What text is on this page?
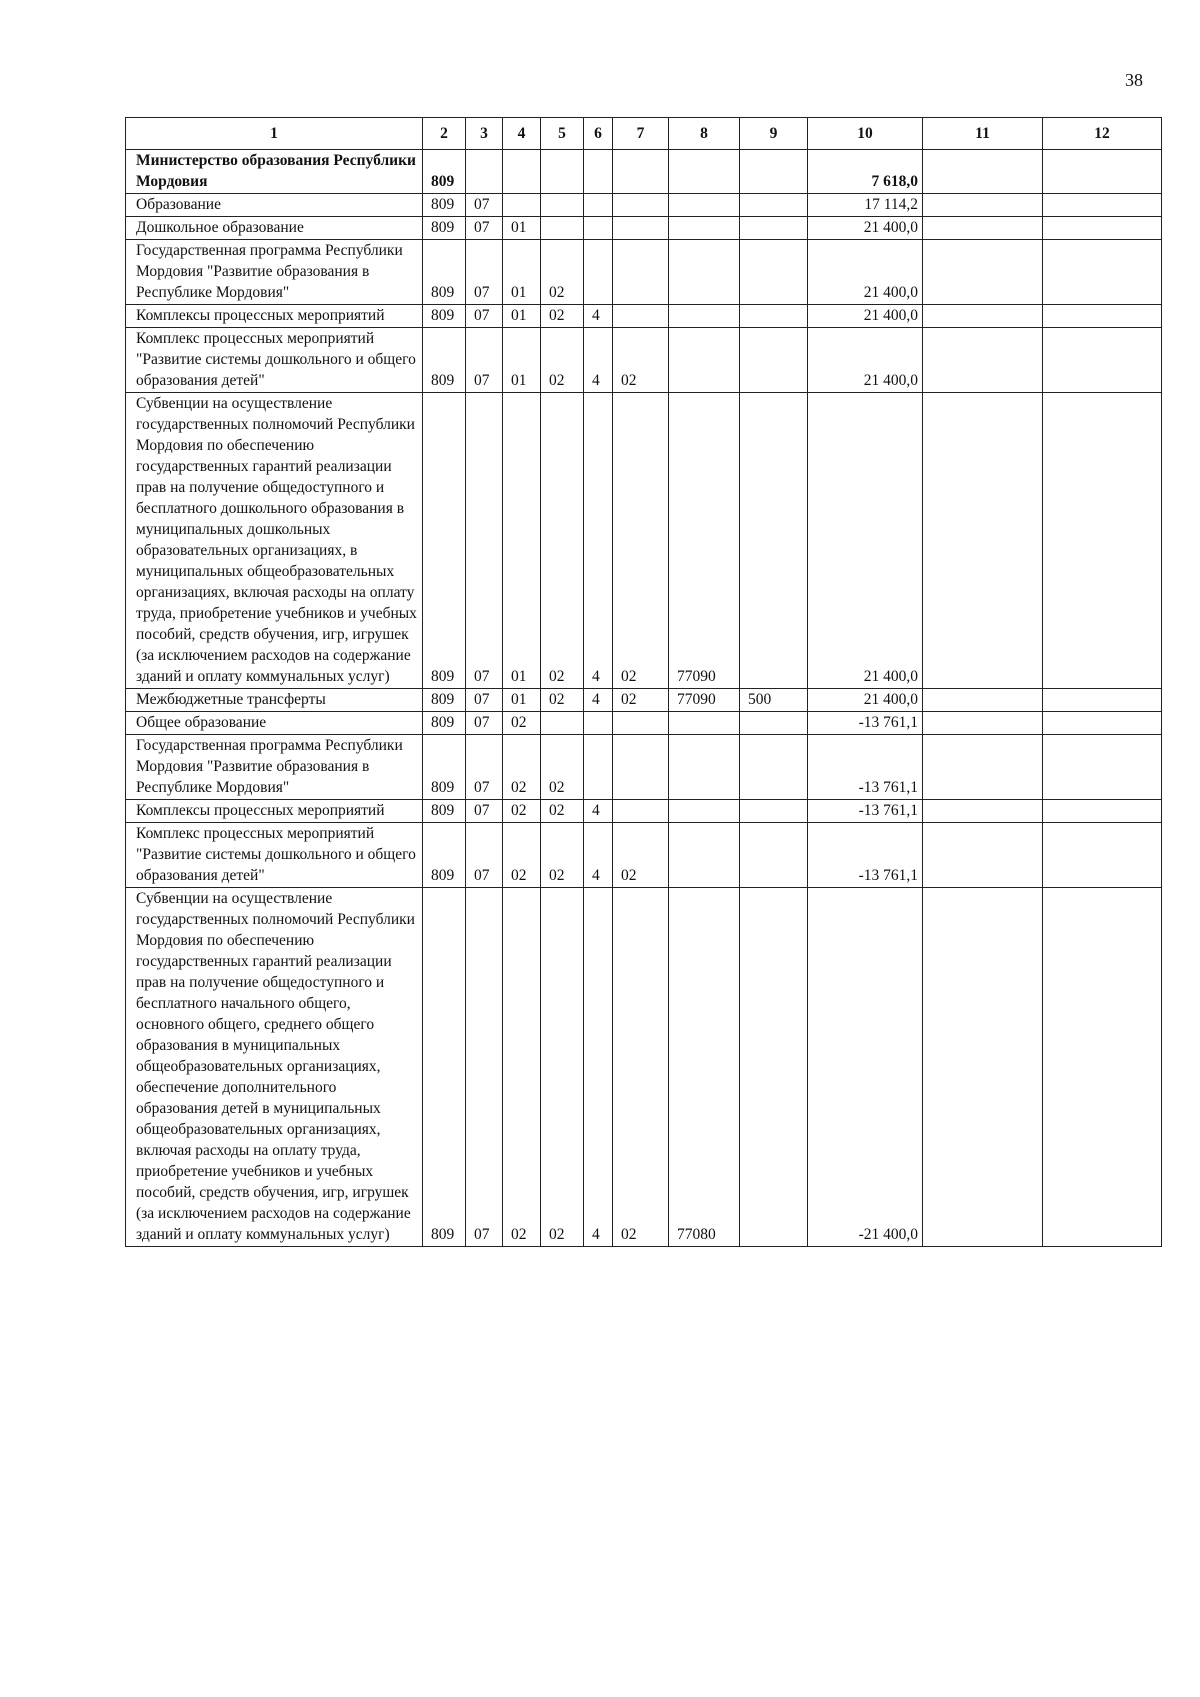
38
1	2	3	4	5	6	7	8	9	10	11	12
Министерство образования Республики Мордовия	809								7 618,0		
Образование	809	07							17 114,2		
Дошкольное образование	809	07	01						21 400,0		
Государственная программа Республики Мордовия "Развитие образования в Республике Мордовия"	809	07	01	02					21 400,0		
Комплексы процессных мероприятий	809	07	01	02	4				21 400,0		
Комплекс процессных мероприятий "Развитие системы дошкольного и общего образования детей"	809	07	01	02	4	02			21 400,0		
Субвенции на осуществление государственных полномочий Республики Мордовия по обеспечению государственных гарантий реализации прав на получение общедоступного и бесплатного дошкольного образования в муниципальных дошкольных образовательных организациях, в муниципальных общеобразовательных организациях, включая расходы на оплату труда, приобретение учебников и учебных пособий, средств обучения, игр, игрушек (за исключением расходов на содержание зданий и оплату коммунальных услуг)	809	07	01	02	4	02	77090		21 400,0		
Межбюджетные трансферты	809	07	01	02	4	02	77090	500	21 400,0		
Общее образование	809	07	02						-13 761,1		
Государственная программа Республики Мордовия "Развитие образования в Республике Мордовия"	809	07	02	02					-13 761,1		
Комплексы процессных мероприятий	809	07	02	02	4				-13 761,1		
Комплекс процессных мероприятий "Развитие системы дошкольного и общего образования детей"	809	07	02	02	4	02			-13 761,1		
Субвенции на осуществление государственных полномочий Республики Мордовия по обеспечению государственных гарантий реализации прав на получение общедоступного и бесплатного начального общего, основного общего, среднего общего образования в муниципальных общеобразовательных организациях, обеспечение дополнительного образования детей в муниципальных общеобразовательных организациях, включая расходы на оплату труда, приобретение учебников и учебных пособий, средств обучения, игр, игрушек (за исключением расходов на содержание зданий и оплату коммунальных услуг)	809	07	02	02	4	02	77080		-21 400,0		
